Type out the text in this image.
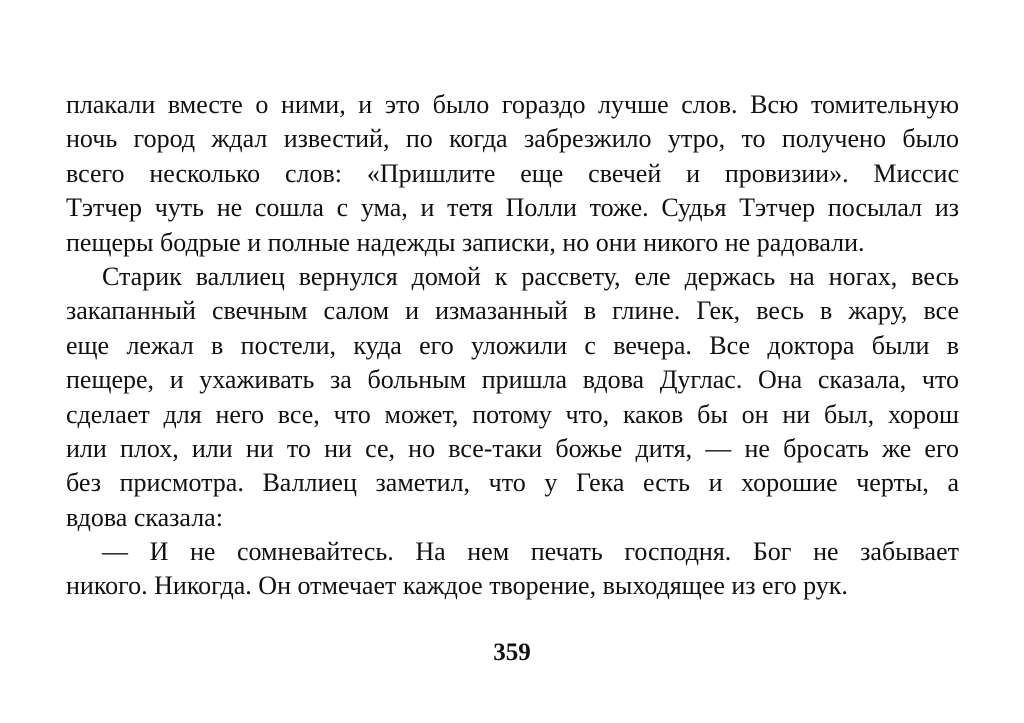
плакали вместе о ними, и это было гораздо лучше слов. Всю томительную
ночь город ждал известий, по когда забрезжило утро, то получено было
всего несколько слов: «Пришлите еще свечей и провизии». Миссис
Тэтчер чуть не сошла с ума, и тетя Полли тоже. Судья Тэтчер посылал из
пещеры бодрые и полные надежды записки, но они никого не радовали.
Старик валлиец вернулся домой к рассвету, еле держась на ногах, весь
закапанный свечным салом и измазанный в глине. Гек, весь в жару, все
еще лежал в постели, куда его уложили с вечера. Все доктора были в
пещере, и ухаживать за больным пришла вдова Дуглас. Она сказала, что
сделает для него все, что может, потому что, каков бы он ни был, хорош
или плох, или ни то ни се, но все-таки божье дитя, — не бросать же его
без присмотра. Валлиец заметил, что у Гека есть и хорошие черты, а
вдова сказала:
— И не сомневайтесь. На нем печать господня. Бог не забывает
никого. Никогда. Он отмечает каждое творение, выходящее из его рук.
359
